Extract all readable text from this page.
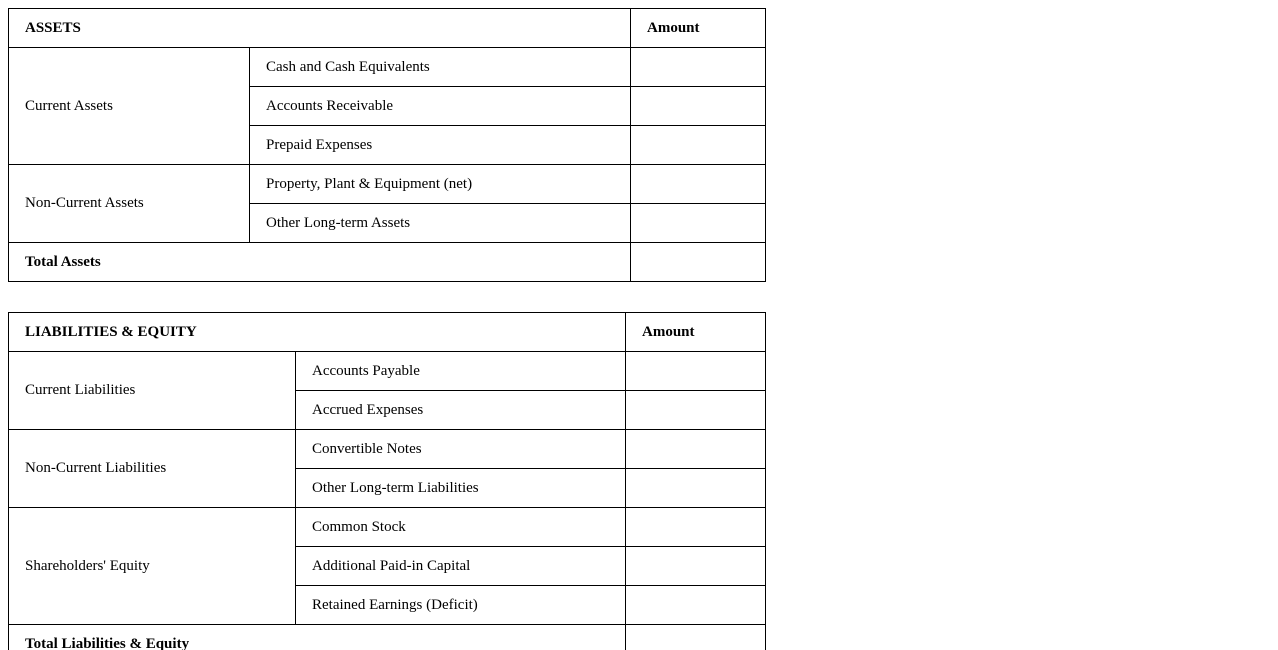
ASSETS		Amount
Current Assets	Cash and Cash Equivalents	
	Accounts Receivable	
	Prepaid Expenses	
Non-Current Assets	Property, Plant & Equipment (net)	
	Other Long-term Assets	
Total Assets		
LIABILITIES & EQUITY		Amount
Current Liabilities	Accounts Payable	
	Accrued Expenses	
Non-Current Liabilities	Convertible Notes	
	Other Long-term Liabilities	
Shareholders' Equity	Common Stock	
	Additional Paid-in Capital	
	Retained Earnings (Deficit)	
Total Liabilities & Equity		
